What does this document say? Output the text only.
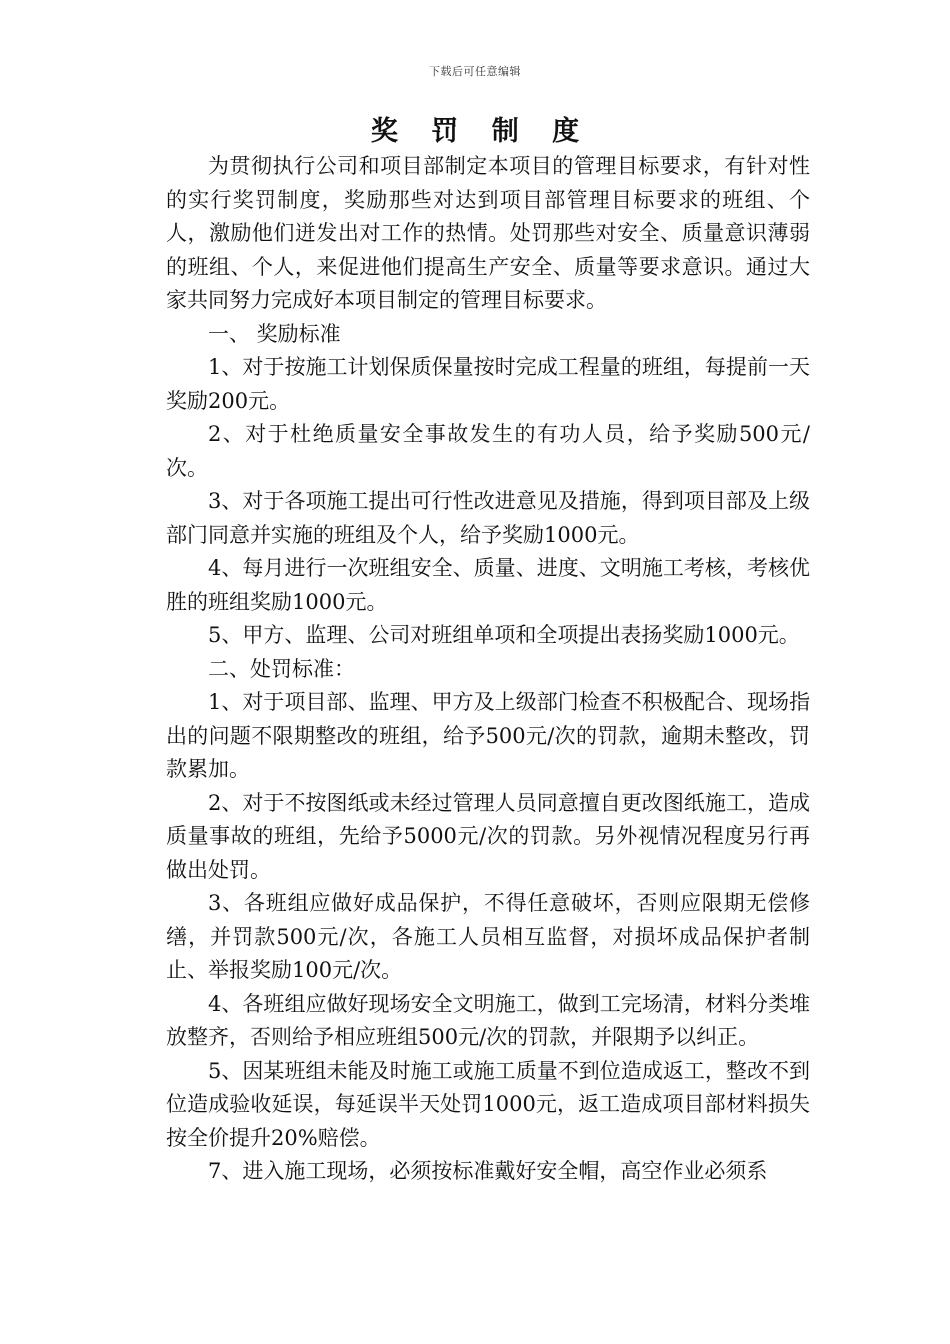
下载后可任意编辑
奖 罚 制 度

为贯彻执行公司和项目部制定本项目的管理目标要求，有针对性的实行奖罚制度，奖励那些对达到项目部管理目标要求的班组、个人，激励他们迸发出对工作的热情。处罚那些对安全、质量意识薄弱的班组、个人，来促进他们提高生产安全、质量等要求意识。通过大家共同努力完成好本项目制定的管理目标要求。

一、 奖励标准

1、对于按施工计划保质保量按时完成工程量的班组，每提前一天奖励200元。

2、对于杜绝质量安全事故发生的有功人员，给予奖励500元/次。

3、对于各项施工提出可行性改进意见及措施，得到项目部及上级部门同意并实施的班组及个人，给予奖励1000元。

4、每月进行一次班组安全、质量、进度、文明施工考核，考核优胜的班组奖励1000元。

5、甲方、监理、公司对班组单项和全项提出表扬奖励1000元。

二、处罚标准：

1、对于项目部、监理、甲方及上级部门检查不积极配合、现场指出的问题不限期整改的班组，给予500元/次的罚款，逾期未整改，罚款累加。

2、对于不按图纸或未经过管理人员同意擅自更改图纸施工，造成质量事故的班组，先给予5000元/次的罚款。另外视情况程度另行再做出处罚。

3、各班组应做好成品保护，不得任意破坏，否则应限期无偿修缮，并罚款500元/次，各施工人员相互监督，对损坏成品保护者制止、举报奖励100元/次。

4、各班组应做好现场安全文明施工，做到工完场清，材料分类堆放整齐，否则给予相应班组500元/次的罚款，并限期予以纠正。

5、因某班组未能及时施工或施工质量不到位造成返工，整改不到位造成验收延误，每延误半天处罚1000元，返工造成项目部材料损失按全价提升20%赔偿。

7、进入施工现场，必须按标准戴好安全帽，高空作业必须系
